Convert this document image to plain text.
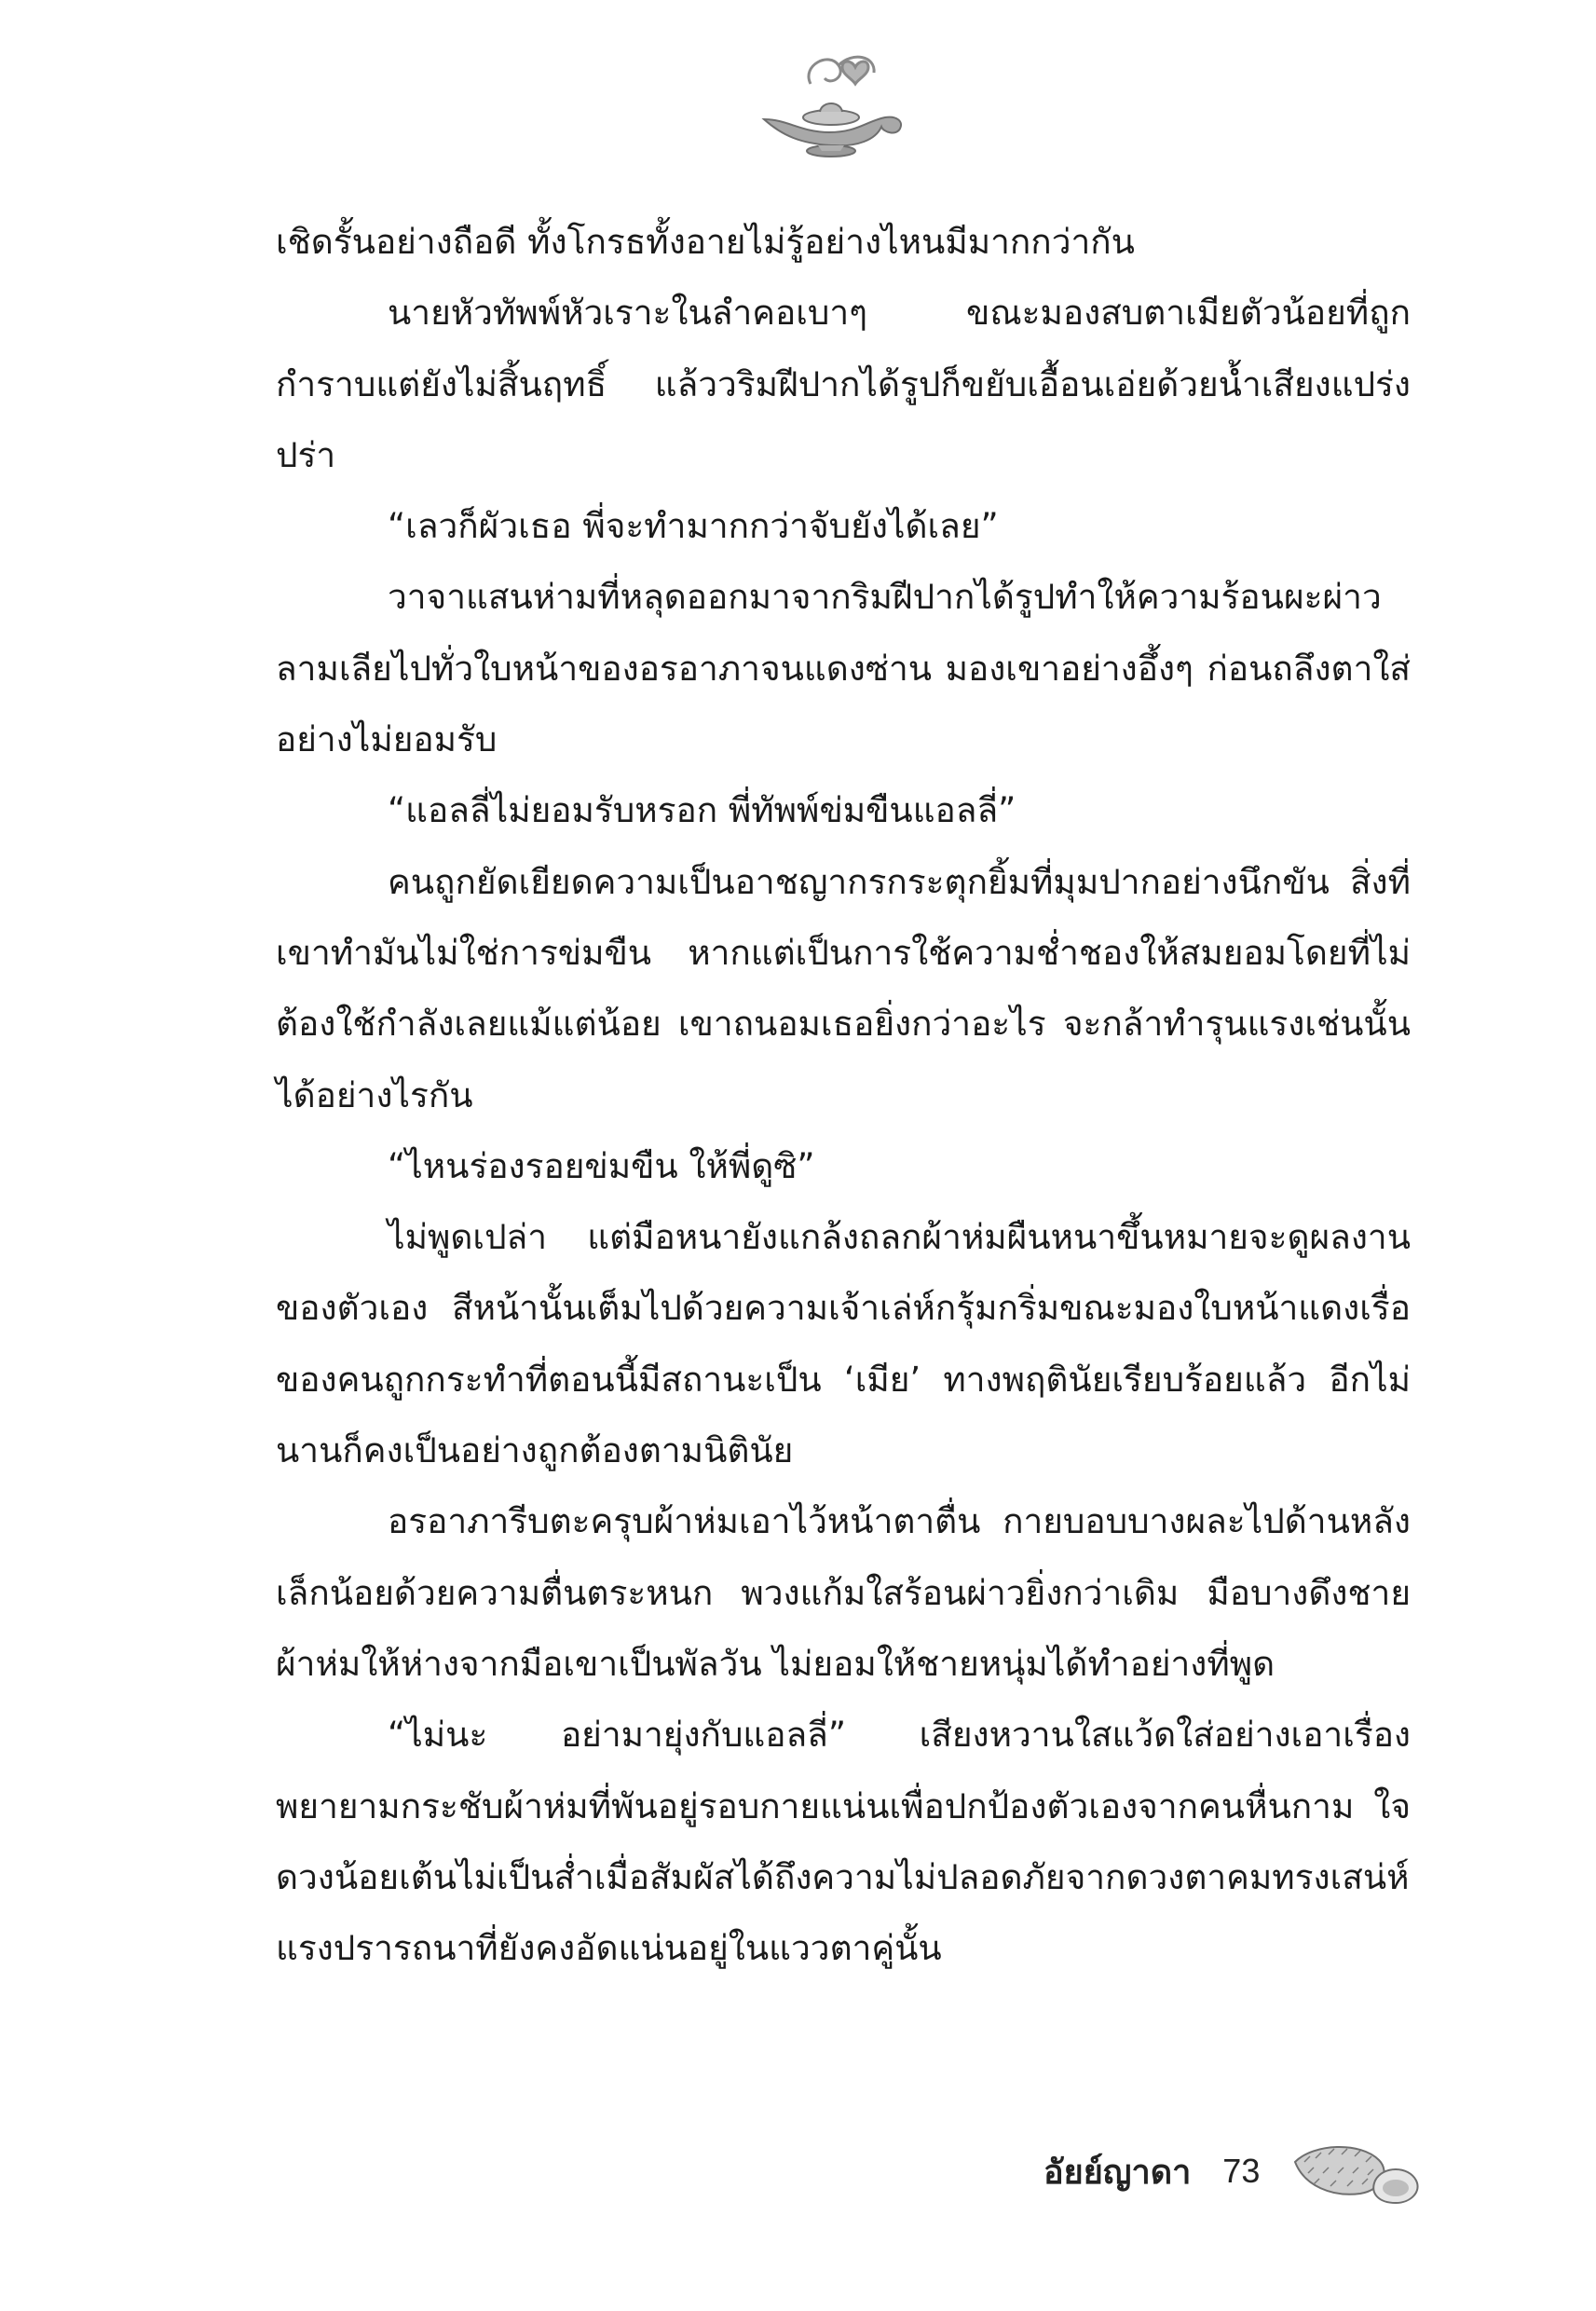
เชิดรั้นอย่างถือดี ทั้งโกรธทั้งอายไม่รู้อย่างไหนมีมากกว่ากัน

นายหัวทัพพ์หัวเราะในลำคอเบาๆ ขณะมองสบตาเมียตัวน้อยที่ถูกกำราบแต่ยังไม่สิ้นฤทธิ์ แล้ววริมฝีปากได้รูปก็ขยับเอื้อนเอ่ยด้วยน้ำเสียงแปร่งปร่า

“เลวก็ผัวเธอ พี่จะทำมากกว่าจับยังได้เลย”

วาจาแสนห่ามที่หลุดออกมาจากริมฝีปากได้รูปทำให้ความร้อนผะผ่าวลามเลียไปทั่วใบหน้าของอรอาภาจนแดงซ่าน มองเขาอย่างอึ้งๆ ก่อนถลึงตาใส่อย่างไม่ยอมรับ

“แอลลี่ไม่ยอมรับหรอก พี่ทัพพ์ข่มขืนแอลลี่”

คนถูกยัดเยียดความเป็นอาชญากรกระตุกยิ้มที่มุมปากอย่างนึกขัน สิ่งที่เขาทำมันไม่ใช่การข่มขืน หากแต่เป็นการใช้ความช่ำชองให้สมยอมโดยที่ไม่ต้องใช้กำลังเลยแม้แต่น้อย เขาถนอมเธอยิ่งกว่าอะไร จะกล้าทำรุนแรงเช่นนั้นได้อย่างไรกัน

“ไหนร่องรอยข่มขืน ให้พี่ดูซิ”

ไม่พูดเปล่า แต่มือหนายังแกล้งถลกผ้าห่มผืนหนาขึ้นหมายจะดูผลงานของตัวเอง สีหน้านั้นเต็มไปด้วยความเจ้าเล่ห์กรุ้มกริ่มขณะมองใบหน้าแดงเรื่อของคนถูกกระทำที่ตอนนี้มีสถานะเป็น ‘เมีย’ ทางพฤตินัยเรียบร้อยแล้ว อีกไม่นานก็คงเป็นอย่างถูกต้องตามนิตินัย

อรอาภารีบตะครุบผ้าห่มเอาไว้หน้าตาตื่น กายบอบบางผละไปด้านหลังเล็กน้อยด้วยความตื่นตระหนก พวงแก้มใสร้อนผ่าวยิ่งกว่าเดิม มือบางดึงชายผ้าห่มให้ห่างจากมือเขาเป็นพัลวัน ไม่ยอมให้ชายหนุ่มได้ทำอย่างที่พูด

“ไม่นะ อย่ามายุ่งกับแอลลี่” เสียงหวานใสแว้ดใส่อย่างเอาเรื่อง พยายามกระชับผ้าห่มที่พันอยู่รอบกายแน่นเพื่อปกป้องตัวเองจากคนหื่นกาม ใจดวงน้อยเต้นไม่เป็นส่ำเมื่อสัมผัสได้ถึงความไม่ปลอดภัยจากดวงตาคมทรงเสน่ห์ แรงปรารถนาที่ยังคงอัดแน่นอยู่ในแววตาคู่นั้น

อัยย์ญาดา 73
